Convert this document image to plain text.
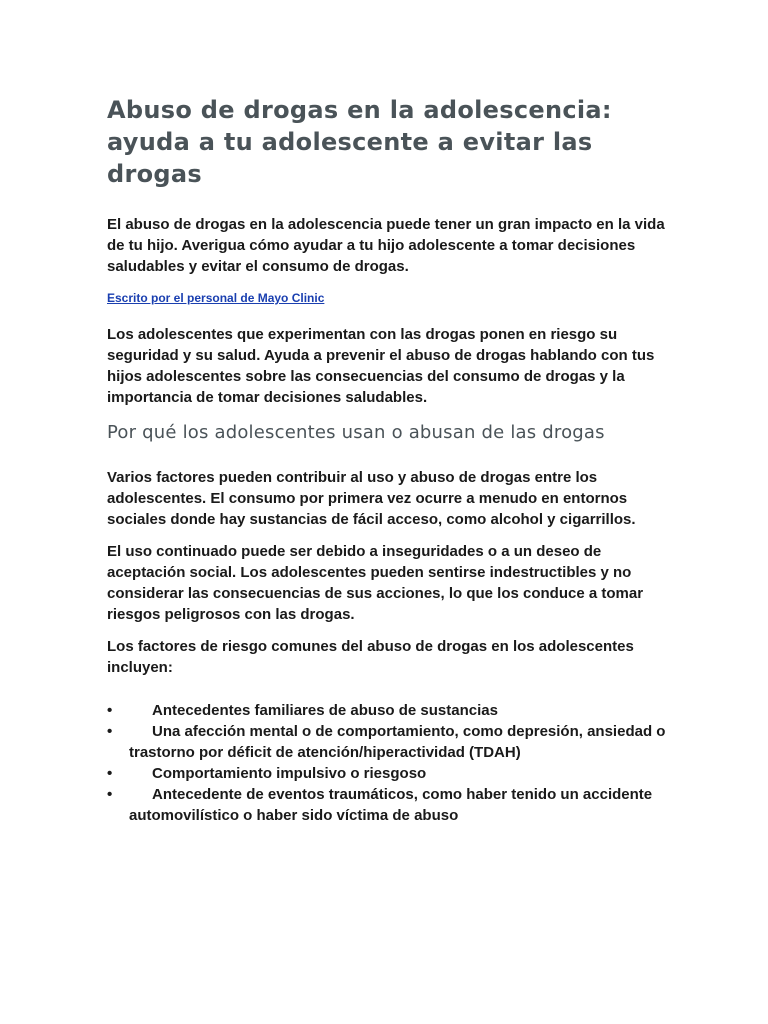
Abuso de drogas en la adolescencia: ayuda a tu adolescente a evitar las drogas

El abuso de drogas en la adolescencia puede tener un gran impacto en la vida de tu hijo. Averigua cómo ayudar a tu hijo adolescente a tomar decisiones saludables y evitar el consumo de drogas.

Escrito por el personal de Mayo Clinic

Los adolescentes que experimentan con las drogas ponen en riesgo su seguridad y su salud. Ayuda a prevenir el abuso de drogas hablando con tus hijos adolescentes sobre las consecuencias del consumo de drogas y la importancia de tomar decisiones saludables.

Por qué los adolescentes usan o abusan de las drogas

Varios factores pueden contribuir al uso y abuso de drogas entre los adolescentes. El consumo por primera vez ocurre a menudo en entornos sociales donde hay sustancias de fácil acceso, como alcohol y cigarrillos.

El uso continuado puede ser debido a inseguridades o a un deseo de aceptación social. Los adolescentes pueden sentirse indestructibles y no considerar las consecuencias de sus acciones, lo que los conduce a tomar riesgos peligrosos con las drogas.

Los factores de riesgo comunes del abuso de drogas en los adolescentes incluyen:

•	Antecedentes familiares de abuso de sustancias
•	Una afección mental o de comportamiento, como depresión, ansiedad o trastorno por déficit de atención/hiperactividad (TDAH)
•	Comportamiento impulsivo o riesgoso
•	Antecedente de eventos traumáticos, como haber tenido un accidente automovilístico o haber sido víctima de abuso
